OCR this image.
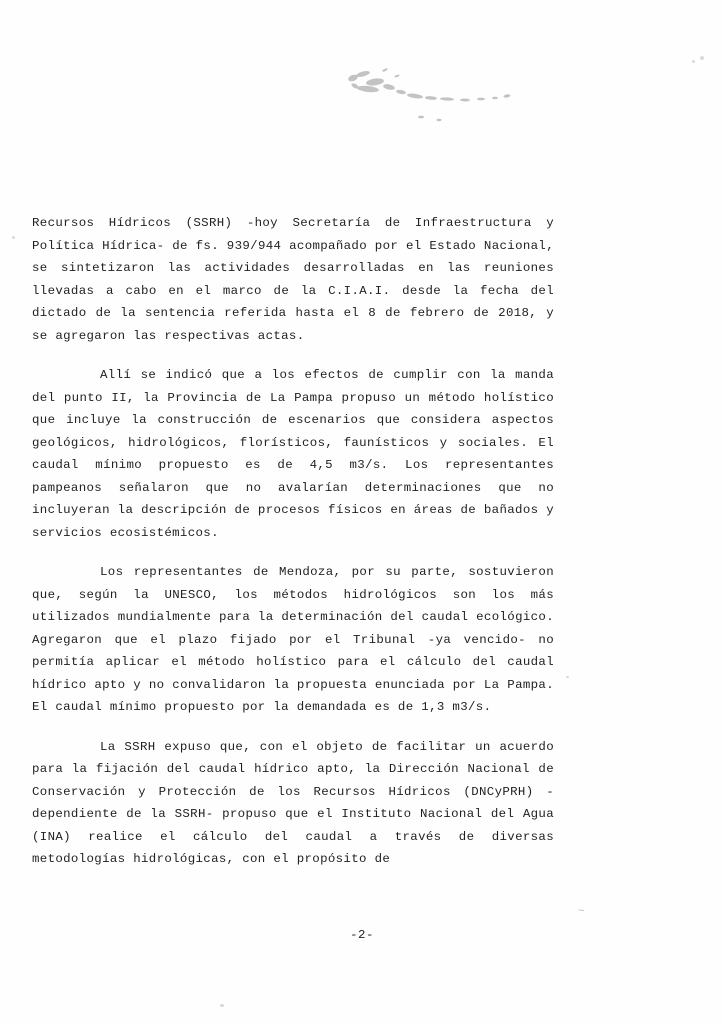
~

Recursos Hídricos (SSRH) -hoy Secretaría de Infraestructura y Política Hídrica- de fs. 939/944 acompañado por el Estado Nacional, se sintetizaron las actividades desarrolladas en las reuniones llevadas a cabo en el marco de la C.I.A.I. desde la fecha del dictado de la sentencia referida hasta el 8 de febrero de 2018, y se agregaron las respectivas actas.

Allí se indicó que a los efectos de cumplir con la manda del punto II, la Provincia de La Pampa propuso un método holístico que incluye la construcción de escenarios que considera aspectos geológicos, hidrológicos, florísticos, faunísticos y sociales. El caudal mínimo propuesto es de 4,5 m3/s. Los representantes pampeanos señalaron que no avalarían determinaciones que no incluyeran la descripción de procesos físicos en áreas de bañados y servicios ecosistémicos.

Los representantes de Mendoza, por su parte, sostuvieron que, según la UNESCO, los métodos hidrológicos son los más utilizados mundialmente para la determinación del caudal ecológico. Agregaron que el plazo fijado por el Tribunal -ya vencido- no permitía aplicar el método holístico para el cálculo del caudal hídrico apto y no convalidaron la propuesta enunciada por La Pampa. El caudal mínimo propuesto por la demandada es de 1,3 m3/s.

La SSRH expuso que, con el objeto de facilitar un acuerdo para la fijación del caudal hídrico apto, la Dirección Nacional de Conservación y Protección de los Recursos Hídricos (DNCyPRH) -dependiente de la SSRH- propuso que el Instituto Nacional del Agua (INA) realice el cálculo del caudal a través de diversas metodologías hidrológicas, con el propósito de

-2-
